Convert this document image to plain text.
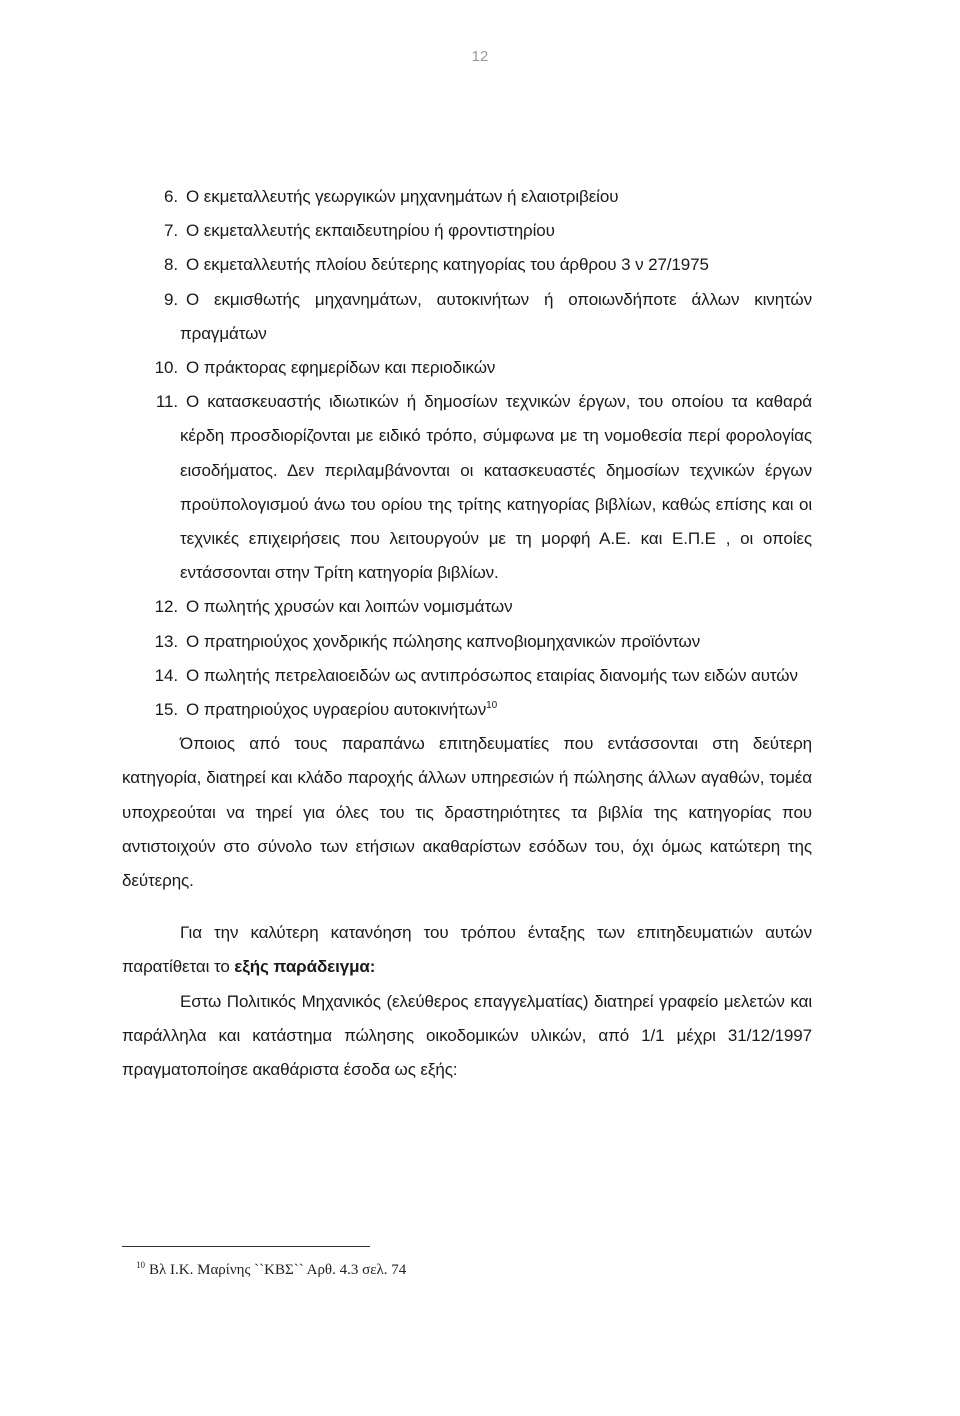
12
6. Ο εκμεταλλευτής γεωργικών μηχανημάτων ή ελαιοτριβείου
7. Ο εκμεταλλευτής εκπαιδευτηρίου ή φροντιστηρίου
8. Ο εκμεταλλευτής πλοίου δεύτερης κατηγορίας του άρθρου 3 ν 27/1975
9. Ο εκμισθωτής μηχανημάτων, αυτοκινήτων ή οποιωνδήποτε άλλων κινητών πραγμάτων
10. Ο πράκτορας εφημερίδων και περιοδικών
11. Ο κατασκευαστής ιδιωτικών ή δημοσίων τεχνικών έργων, του οποίου τα καθαρά κέρδη προσδιορίζονται με ειδικό τρόπο, σύμφωνα με τη νομοθεσία περί φορολογίας εισοδήματος. Δεν περιλαμβάνονται οι κατασκευαστές δημοσίων τεχνικών έργων προϋπολογισμού άνω του ορίου της τρίτης κατηγορίας βιβλίων, καθώς επίσης και οι τεχνικές επιχειρήσεις που λειτουργούν με τη μορφή Α.Ε. και Ε.Π.Ε , οι οποίες εντάσσονται στην Τρίτη κατηγορία βιβλίων.
12. Ο πωλητής χρυσών και λοιπών νομισμάτων
13. Ο πρατηριούχος χονδρικής πώλησης καπνοβιομηχανικών προϊόντων
14. Ο πωλητής πετρελαιοειδών ως αντιπρόσωπος εταιρίας διανομής των ειδών αυτών
15. Ο πρατηριούχος υγραερίου αυτοκινήτων$^{10}$

Όποιος από τους παραπάνω επιτηδευματίες που εντάσσονται στη δεύτερη κατηγορία, διατηρεί και κλάδο παροχής άλλων υπηρεσιών ή πώλησης άλλων αγαθών, τομέα υποχρεούται να τηρεί για όλες του τις δραστηριότητες τα βιβλία της κατηγορίας που αντιστοιχούν στο σύνολο των ετήσιων ακαθαρίστων εσόδων του, όχι όμως κατώτερη της δεύτερης.

Για την καλύτερη κατανόηση του τρόπου ένταξης των επιτηδευματιών αυτών παρατίθεται το εξής παράδειγμα:

Εστω Πολιτικός Μηχανικός (ελεύθερος επαγγελματίας) διατηρεί γραφείο μελετών και παράλληλα και κατάστημα πώλησης οικοδομικών υλικών, από 1/1 μέχρι 31/12/1997 πραγματοποίησε ακαθάριστα έσοδα ως εξής:

$^{10}$ Βλ Ι.Κ. Μαρίνης ``ΚΒΣ`` Αρθ. 4.3 σελ. 74
